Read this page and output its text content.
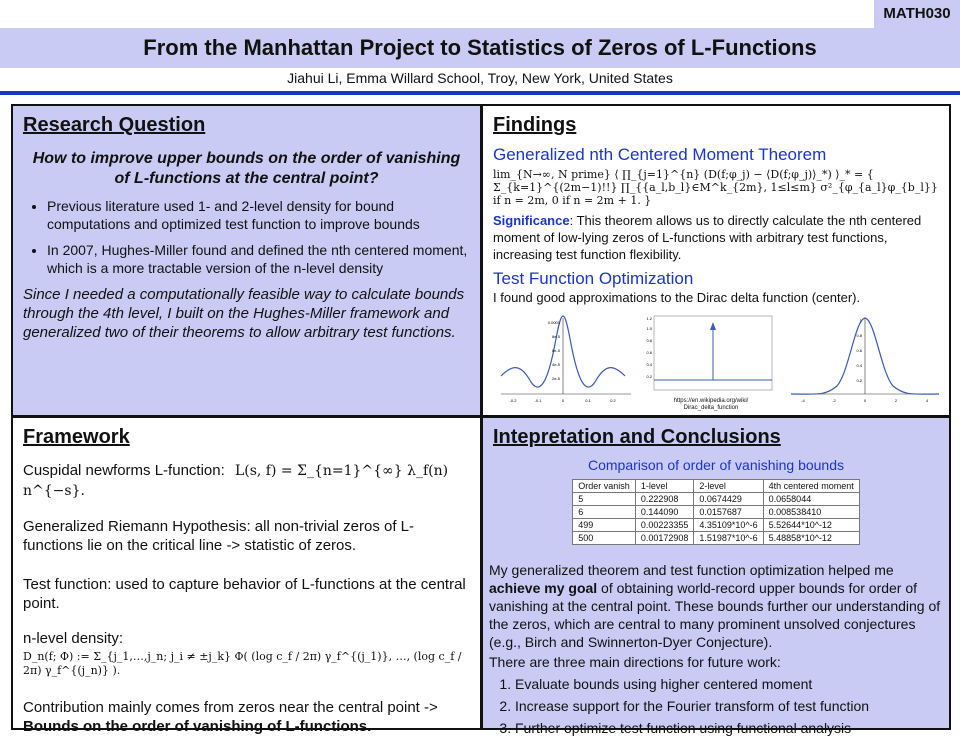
MATH030
From the Manhattan Project to Statistics of Zeros of L-Functions
Jiahui Li, Emma Willard School, Troy, New York, United States
Research Question
How to improve upper bounds on the order of vanishing of L-functions at the central point?
• Previous literature used 1- and 2-level density for bound computations and optimized test function to improve bounds
• In 2007, Hughes-Miller found and defined the nth centered moment, which is a more tractable version of the n-level density
Since I needed a computationally feasible way to calculate bounds through the 4th level, I built on the Hughes-Miller framework and generalized two of their theorems to allow arbitrary test functions.
Findings
Generalized nth Centered Moment Theorem
lim_{N→∞, N prime} ⟨ ∏_{j=1}^{n} (D(f;φ_j) − ⟨D(f;φ_j)⟩_*) ⟩_* = { Σ_{k=1}^{(2m−1)!!} ∏_{{a_l,b_l}∈M^k_{2m}, 1≤l≤m} σ²_{φ_{a_l}φ_{b_l}} if n = 2m, 0 if n = 2m + 1. }
Significance: This theorem allows us to directly calculate the nth centered moment of low-lying zeros of L-functions with arbitrary test functions, increasing test function flexibility.
Test Function Optimization
I found good approximations to the Dirac delta function (center).
-0.2	-0.1	0	0.1	0.2
0.0001
8e-5
6e-5
4e-5
2e-5
1.2
1.0
0.8
0.6
0.4
0.2
https://en.wikipedia.org/wiki/
Dirac_delta_function
-4	-2	0	2	4
1
0.8
0.6
0.4
0.2
Framework
Cuspidal newforms L-function: L(s, f) = Σ_{n=1}^{∞} λ_f(n) n^{−s}.
Generalized Riemann Hypothesis: all non-trivial zeros of L-functions lie on the critical line -> statistic of zeros.
Test function: used to capture behavior of L-functions at the central point.
n-level density:
D_n(f; Φ) := Σ_{j_1,…,j_n; j_i ≠ ±j_k} Φ( (log c_f / 2π) γ_f^{(j_1)}, …, (log c_f / 2π) γ_f^{(j_n)} ).
Contribution mainly comes from zeros near the central point -> Bounds on the order of vanishing of L-functions.
Intepretation and Conclusions
Comparison of order of vanishing bounds
Order vanish	1-level	2-level	4th centered moment
5	0.222908	0.0674429	0.0658044
6	0.144090	0.0157687	0.008538410
499	0.00223355	4.35109*10^-6	5.52644*10^-12
500	0.00172908	1.51987*10^-6	5.48858*10^-12
My generalized theorem and test function optimization helped me achieve my goal of obtaining world-record upper bounds for order of vanishing at the central point. These bounds further our understanding of the zeros, which are central to many prominent unsolved conjectures (e.g., Birch and Swinnerton-Dyer Conjecture).
There are three main directions for future work:
1. Evaluate bounds using higher centered moment
2. Increase support for the Fourier transform of test function
3. Further optimize test function using functional analysis
